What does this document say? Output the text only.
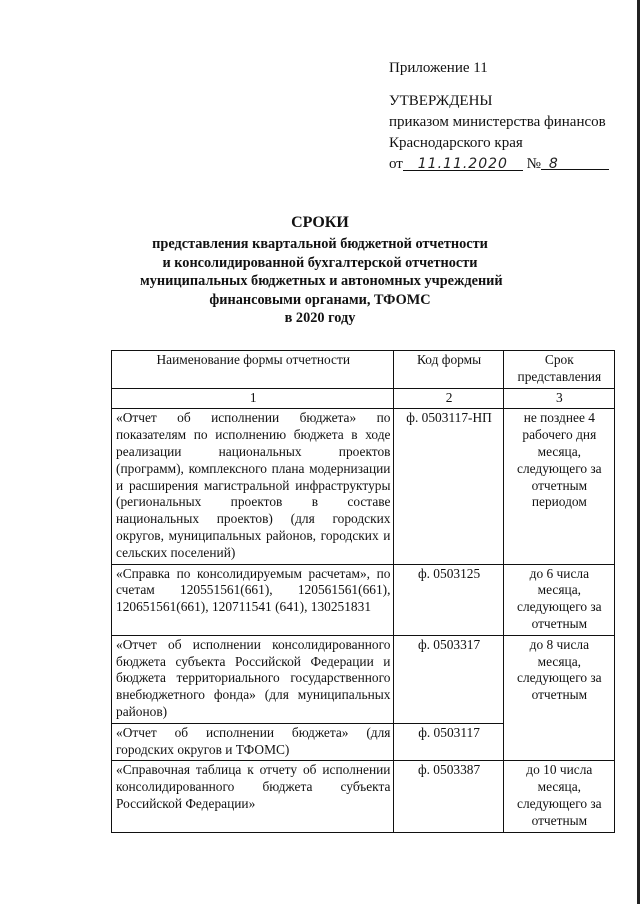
Приложение 11
УТВЕРЖДЕНЫ
приказом министерства финансов
Краснодарского края
от 11.11.2020 № 8
СРОКИ
представления квартальной бюджетной отчетности
и консолидированной бухгалтерской отчетности
муниципальных бюджетных и автономных учреждений
финансовыми органами, ТФОМС
в 2020 году
Наименование формы отчетности	Код формы	Срок представления
1	2	3
«Отчет об исполнении бюджета» по показателям по исполнению бюджета в ходе реализации национальных проектов (программ), комплексного плана модернизации и расширения магистральной инфраструктуры (региональных проектов в составе национальных проектов) (для городских округов, муниципальных районов, городских и сельских поселений)	ф. 0503117-НП	не позднее 4 рабочего дня месяца, следующего за отчетным периодом
«Справка по консолидируемым расчетам», по счетам 120551561(661), 120561561(661), 120651561(661), 120711541 (641), 130251831	ф. 0503125	до 6 числа месяца, следующего за отчетным
«Отчет об исполнении консолидированного бюджета субъекта Российской Федерации и бюджета территориального государственного внебюджетного фонда» (для муниципальных районов)	ф. 0503317	до 8 числа месяца, следующего за отчетным
«Отчет об исполнении бюджета» (для городских округов и ТФОМС)	ф. 0503117	
«Справочная таблица к отчету об исполнении консолидированного бюджета субъекта Российской Федерации»	ф. 0503387	до 10 числа месяца, следующего за отчетным
